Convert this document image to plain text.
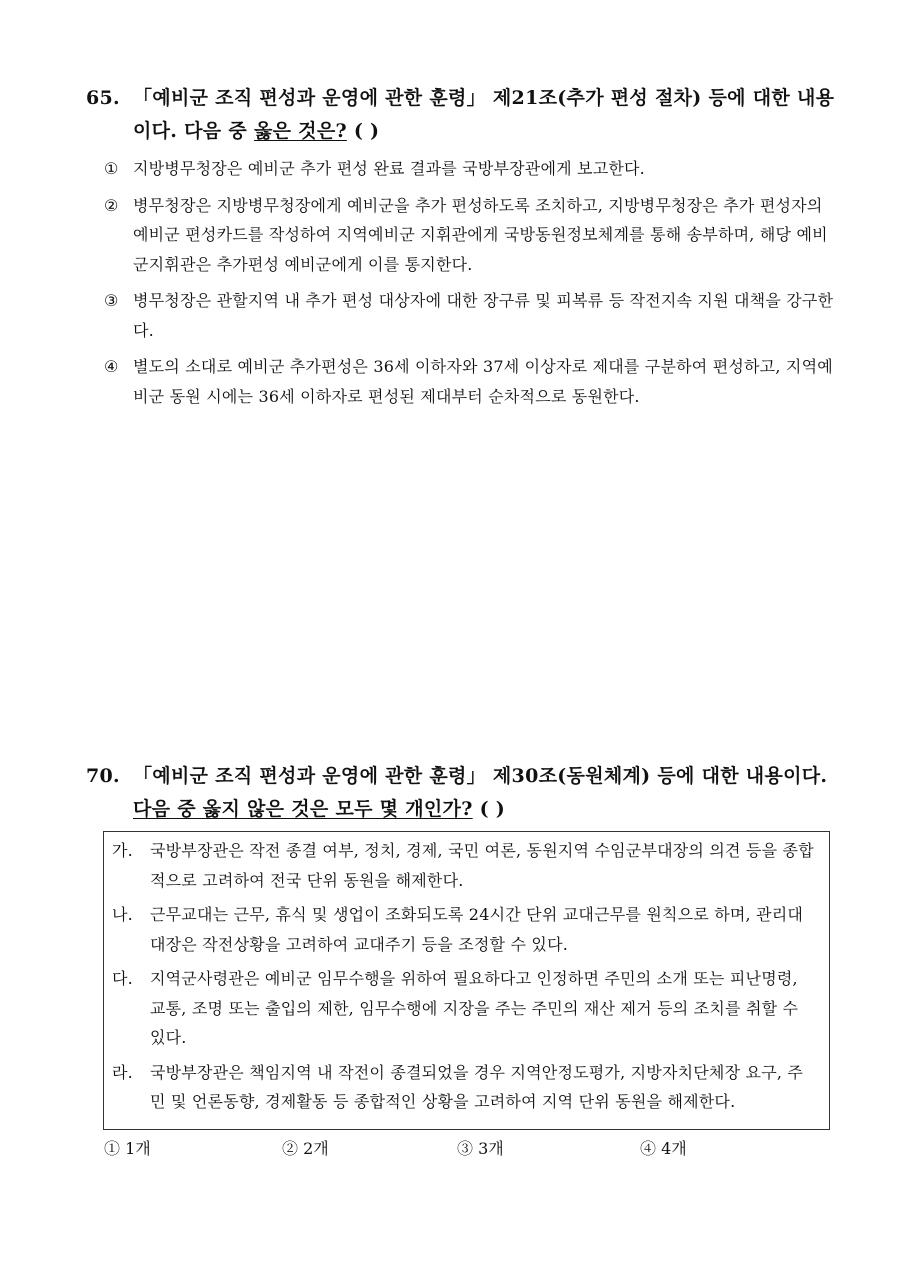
65. 「예비군 조직 편성과 운영에 관한 훈령」 제21조(추가 편성 절차) 등에 대한 내용이다. 다음 중 옳은 것은? ( )
① 지방병무청장은 예비군 추가 편성 완료 결과를 국방부장관에게 보고한다.
② 병무청장은 지방병무청장에게 예비군을 추가 편성하도록 조치하고, 지방병무청장은 추가 편성자의 예비군 편성카드를 작성하여 지역예비군 지휘관에게 국방동원정보체계를 통해 송부하며, 해당 예비군지휘관은 추가편성 예비군에게 이를 통지한다.
③ 병무청장은 관할지역 내 추가 편성 대상자에 대한 장구류 및 피복류 등 작전지속 지원 대책을 강구한다.
④ 별도의 소대로 예비군 추가편성은 36세 이하자와 37세 이상자로 제대를 구분하여 편성하고, 지역예비군 동원 시에는 36세 이하자로 편성된 제대부터 순차적으로 동원한다.
70. 「예비군 조직 편성과 운영에 관한 훈령」 제30조(동원체계) 등에 대한 내용이다. 다음 중 옳지 않은 것은 모두 몇 개인가? ( )
가. 국방부장관은 작전 종결 여부, 정치, 경제, 국민 여론, 동원지역 수임군부대장의 의견 등을 종합적으로 고려하여 전국 단위 동원을 해제한다.
나. 근무교대는 근무, 휴식 및 생업이 조화되도록 24시간 단위 교대근무를 원칙으로 하며, 관리대대장은 작전상황을 고려하여 교대주기 등을 조정할 수 있다.
다. 지역군사령관은 예비군 임무수행을 위하여 필요하다고 인정하면 주민의 소개 또는 피난명령, 교통, 조명 또는 출입의 제한, 임무수행에 지장을 주는 주민의 재산 제거 등의 조치를 취할 수 있다.
라. 국방부장관은 책임지역 내 작전이 종결되었을 경우 지역안정도평가, 지방자치단체장 요구, 주민 및 언론동향, 경제활동 등 종합적인 상황을 고려하여 지역 단위 동원을 해제한다.
① 1개	② 2개	③ 3개	④ 4개
